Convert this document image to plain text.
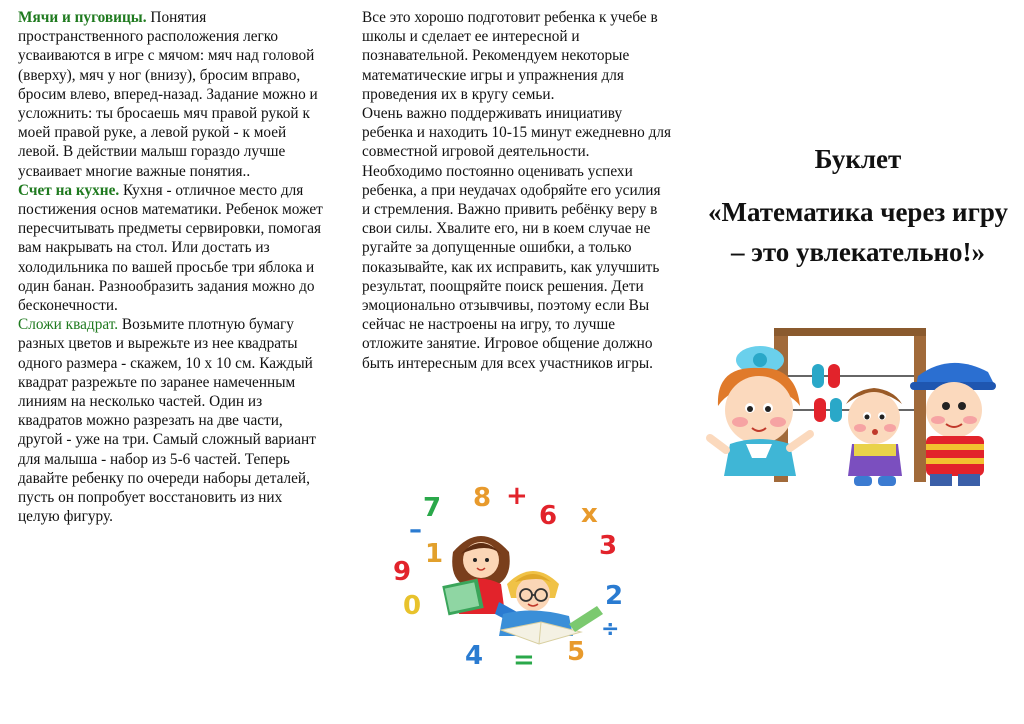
Мячи и пуговицы. Понятия пространственного расположения легко усваиваются в игре с мячом: мяч над головой (вверху), мяч у ног (внизу), бросим вправо, бросим влево, вперед-назад. Задание можно и усложнить: ты бросаешь мяч правой рукой к моей правой руке, а левой рукой - к моей левой. В действии малыш гораздо лучше усваивает многие важные понятия..

Счет на кухне. Кухня - отличное место для постижения основ математики. Ребенок может пересчитывать предметы сервировки, помогая вам накрывать на стол. Или достать из холодильника по вашей просьбе три яблока и один банан. Разнообразить задания можно до бесконечности.

Сложи квадрат. Возьмите плотную бумагу разных цветов и вырежьте из нее квадраты одного размера - скажем, 10 х 10 см. Каждый квадрат разрежьте по заранее намеченным линиям на несколько частей. Один из квадратов можно разрезать на две части, другой - уже на три. Самый сложный вариант для малыша - набор из 5-6 частей. Теперь давайте ребенку по очереди наборы деталей, пусть он попробует восстановить из них целую фигуру.

Все это хорошо подготовит ребенка к учебе в школы и сделает ее интересной и познавательной. Рекомендуем некоторые математические игры и упражнения для проведения их в кругу семьи.

Очень важно поддерживать инициативу ребенка и находить 10-15 минут ежедневно для совместной игровой деятельности. Необходимо постоянно оценивать успехи ребенка, а при неудачах одобряйте его усилия и стремления. Важно привить ребёнку веру в свои силы. Хвалите его, ни в коем случае не ругайте за допущенные ошибки, а только показывайте, как их исправить, как улучшить результат, поощряйте поиск решения. Дети эмоционально отзывчивы, поэтому если Вы сейчас не настроены на игру, то лучше отложите занятие. Игровое общение должно быть интересным для всех участников игры.

8 +
7	6 x
–
1	3
9
0	2
÷
4 = 5
Буклет
«Математика через игру – это увлекательно!»
